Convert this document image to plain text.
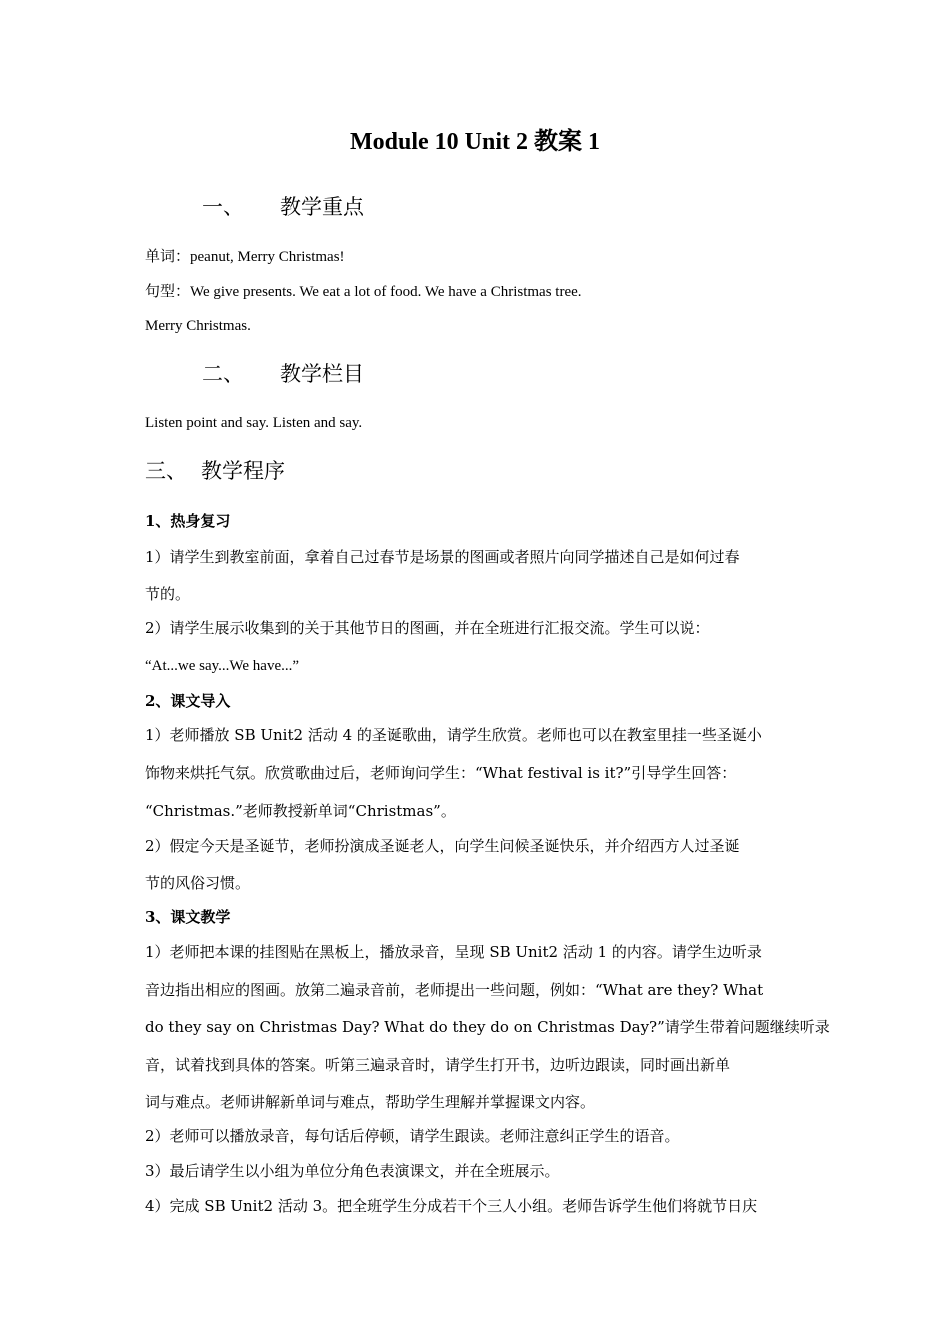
Module 10 Unit 2 教案 1
一、 教学重点

单词：peanut, Merry Christmas!

句型：We give presents. We eat a lot of food. We have a Christmas tree.

Merry Christmas.

二、 教学栏目

Listen point and say. Listen and say.

三、 教学程序

1、热身复习

1）请学生到教室前面，拿着自己过春节是场景的图画或者照片向同学描述自己是如何过春

节的。

2）请学生展示收集到的关于其他节日的图画，并在全班进行汇报交流。学生可以说：

“At...we say...We have...”

2、课文导入

1）老师播放 SB Unit2 活动 4 的圣诞歌曲，请学生欣赏。老师也可以在教室里挂一些圣诞小

饰物来烘托气氛。欣赏歌曲过后，老师询问学生：“What festival is it?”引导学生回答：

“Christmas.”老师教授新单词“Christmas”。

2）假定今天是圣诞节，老师扮演成圣诞老人，向学生问候圣诞快乐，并介绍西方人过圣诞

节的风俗习惯。

3、课文教学

1）老师把本课的挂图贴在黑板上，播放录音，呈现 SB Unit2 活动 1 的内容。请学生边听录

音边指出相应的图画。放第二遍录音前，老师提出一些问题，例如：“What are they? What

do they say on Christmas Day? What do they do on Christmas Day?”请学生带着问题继续听录

音，试着找到具体的答案。听第三遍录音时，请学生打开书，边听边跟读，同时画出新单

词与难点。老师讲解新单词与难点，帮助学生理解并掌握课文内容。

2）老师可以播放录音，每句话后停顿，请学生跟读。老师注意纠正学生的语音。

3）最后请学生以小组为单位分角色表演课文，并在全班展示。

4）完成 SB Unit2 活动 3。把全班学生分成若干个三人小组。老师告诉学生他们将就节日庆
